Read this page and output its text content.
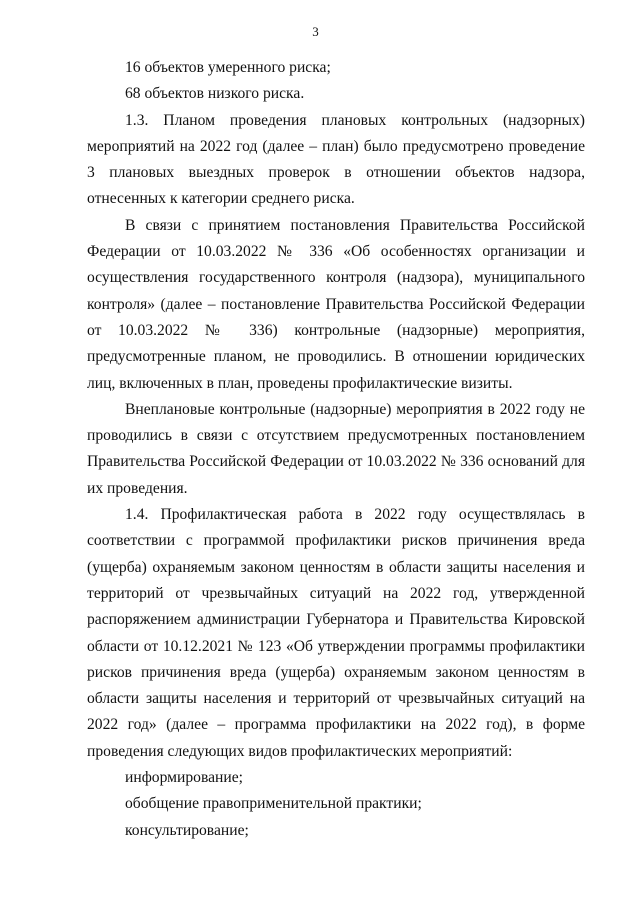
3

16 объектов умеренного риска;

68 объектов низкого риска.

1.3. Планом проведения плановых контрольных (надзорных) мероприятий на 2022 год (далее – план) было предусмотрено проведение 3 плановых выездных проверок в отношении объектов надзора, отнесенных к категории среднего риска.

В связи с принятием постановления Правительства Российской Федерации от 10.03.2022 № 336 «Об особенностях организации и осуществления государственного контроля (надзора), муниципального контроля» (далее – постановление Правительства Российской Федерации от 10.03.2022 № 336) контрольные (надзорные) мероприятия, предусмотренные планом, не проводились. В отношении юридических лиц, включенных в план, проведены профилактические визиты.

Внеплановые контрольные (надзорные) мероприятия в 2022 году не проводились в связи с отсутствием предусмотренных постановлением Правительства Российской Федерации от 10.03.2022 № 336 оснований для их проведения.

1.4. Профилактическая работа в 2022 году осуществлялась в соответствии с программой профилактики рисков причинения вреда (ущерба) охраняемым законом ценностям в области защиты населения и территорий от чрезвычайных ситуаций на 2022 год, утвержденной распоряжением администрации Губернатора и Правительства Кировской области от 10.12.2021 № 123 «Об утверждении программы профилактики рисков причинения вреда (ущерба) охраняемым законом ценностям в области защиты населения и территорий от чрезвычайных ситуаций на 2022 год» (далее – программа профилактики на 2022 год), в форме проведения следующих видов профилактических мероприятий:

информирование;

обобщение правоприменительной практики;

консультирование;
